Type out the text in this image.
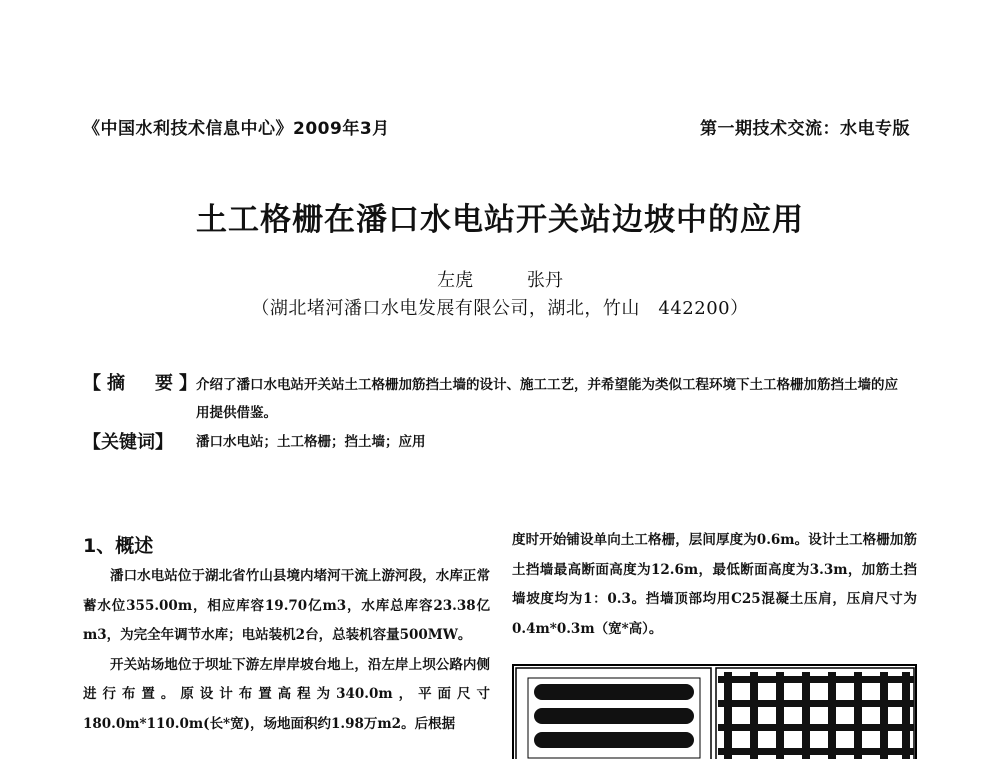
《中国水利技术信息中心》2009年3月	第一期技术交流：水电专版
土工格栅在潘口水电站开关站边坡中的应用
左虎	张丹
（湖北堵河潘口水电发展有限公司，湖北，竹山　442200）
【摘　要】
介绍了潘口水电站开关站土工格栅加筋挡土墙的设计、施工工艺，并希望能为类似工程环境下土工格栅加筋挡土墙的应用提供借鉴。
【关键词】 潘口水电站；土工格栅；挡土墙；应用
1、概述

潘口水电站位于湖北省竹山县境内堵河干流上游河段，水库正常蓄水位355.00m，相应库容19.70亿m3，水库总库容23.38亿m3，为完全年调节水库；电站装机2台，总装机容量500MW。

开关站场地位于坝址下游左岸岸坡台地上，沿左岸上坝公路内侧进行布置。原设计布置高程为340.0m，平面尺寸180.0m*110.0m(长*宽)，场地面积约1.98万m2。后根据

度时开始铺设单向土工格栅，层间厚度为0.6m。设计土工格栅加筋土挡墙最高断面高度为12.6m，最低断面高度为3.3m，加筋土挡墙坡度均为1：0.3。挡墙顶部均用C25混凝土压肩，压肩尺寸为0.4m*0.3m（宽*高）。
